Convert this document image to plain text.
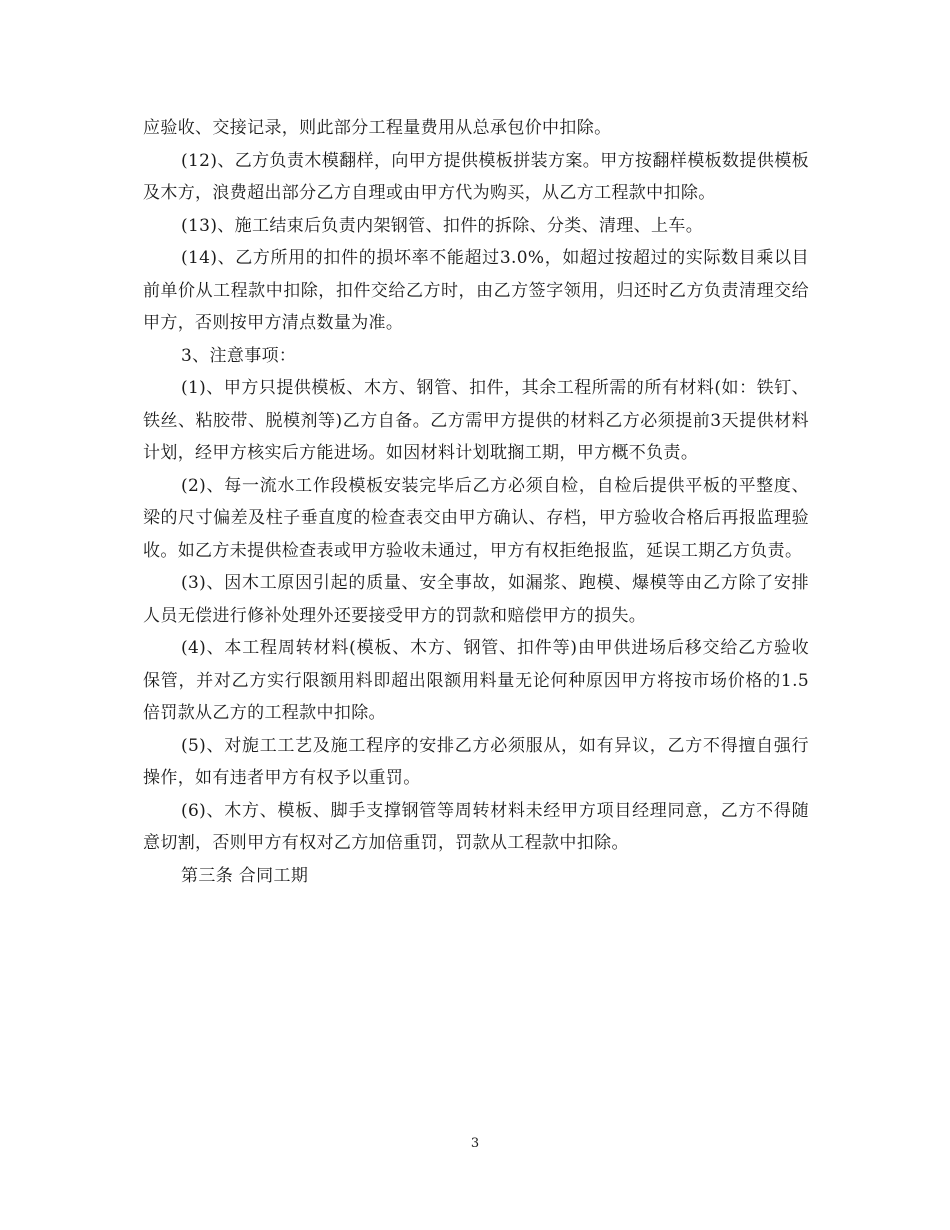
应验收、交接记录，则此部分工程量费用从总承包价中扣除。

(12)、乙方负责木模翻样，向甲方提供模板拼装方案。甲方按翻样模板数提供模板及木方，浪费超出部分乙方自理或由甲方代为购买，从乙方工程款中扣除。

(13)、施工结束后负责内架钢管、扣件的拆除、分类、清理、上车。

(14)、乙方所用的扣件的损坏率不能超过3.0%，如超过按超过的实际数目乘以目前单价从工程款中扣除，扣件交给乙方时，由乙方签字领用，归还时乙方负责清理交给甲方，否则按甲方清点数量为准。

3、注意事项：

(1)、甲方只提供模板、木方、钢管、扣件，其余工程所需的所有材料(如：铁钉、铁丝、粘胶带、脱模剂等)乙方自备。乙方需甲方提供的材料乙方必须提前3天提供材料计划，经甲方核实后方能进场。如因材料计划耽搁工期，甲方概不负责。

(2)、每一流水工作段模板安装完毕后乙方必须自检，自检后提供平板的平整度、梁的尺寸偏差及柱子垂直度的检查表交由甲方确认、存档，甲方验收合格后再报监理验收。如乙方未提供检查表或甲方验收未通过，甲方有权拒绝报监，延误工期乙方负责。

(3)、因木工原因引起的质量、安全事故，如漏浆、跑模、爆模等由乙方除了安排人员无偿进行修补处理外还要接受甲方的罚款和赔偿甲方的损失。

(4)、本工程周转材料(模板、木方、钢管、扣件等)由甲供进场后移交给乙方验收保管，并对乙方实行限额用料即超出限额用料量无论何种原因甲方将按市场价格的1.5倍罚款从乙方的工程款中扣除。

(5)、对旎工工艺及施工程序的安排乙方必须服从，如有异议，乙方不得擅自强行操作，如有违者甲方有权予以重罚。

(6)、木方、模板、脚手支撑钢管等周转材料未经甲方项目经理同意，乙方不得随意切割，否则甲方有权对乙方加倍重罚，罚款从工程款中扣除。

第三条 合同工期

3
